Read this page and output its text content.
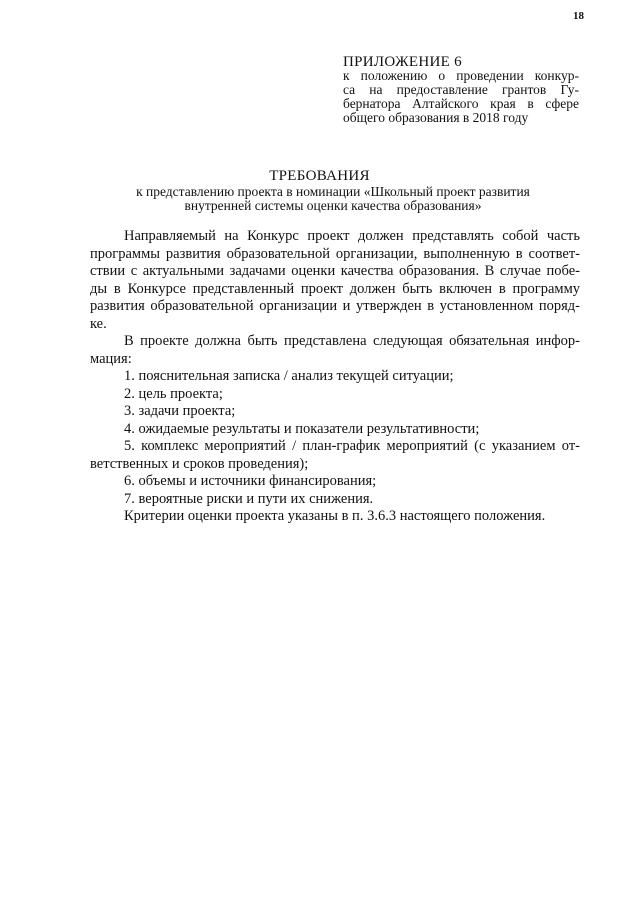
18
ПРИЛОЖЕНИЕ 6
к положению о проведении конкур-
са на предоставление грантов Гу-
бернатора Алтайского края в сфере
общего образования в 2018 году
ТРЕБОВАНИЯ
к представлению проекта в номинации «Школьный проект развития
внутренней системы оценки качества образования»
Направляемый на Конкурс проект должен представлять собой часть
программы развития образовательной организации, выполненную в соответ-
ствии с актуальными задачами оценки качества образования. В случае побе-
ды в Конкурсе представленный проект должен быть включен в программу
развития образовательной организации и утвержден в установленном поряд-
ке.
В проекте должна быть представлена следующая обязательная инфор-
мация:
1. пояснительная записка / анализ текущей ситуации;
2. цель проекта;
3. задачи проекта;
4. ожидаемые результаты и показатели результативности;
5. комплекс мероприятий / план-график мероприятий (с указанием от-
ветственных и сроков проведения);
6. объемы и источники финансирования;
7. вероятные риски и пути их снижения.
Критерии оценки проекта указаны в п. 3.6.3 настоящего положения.
